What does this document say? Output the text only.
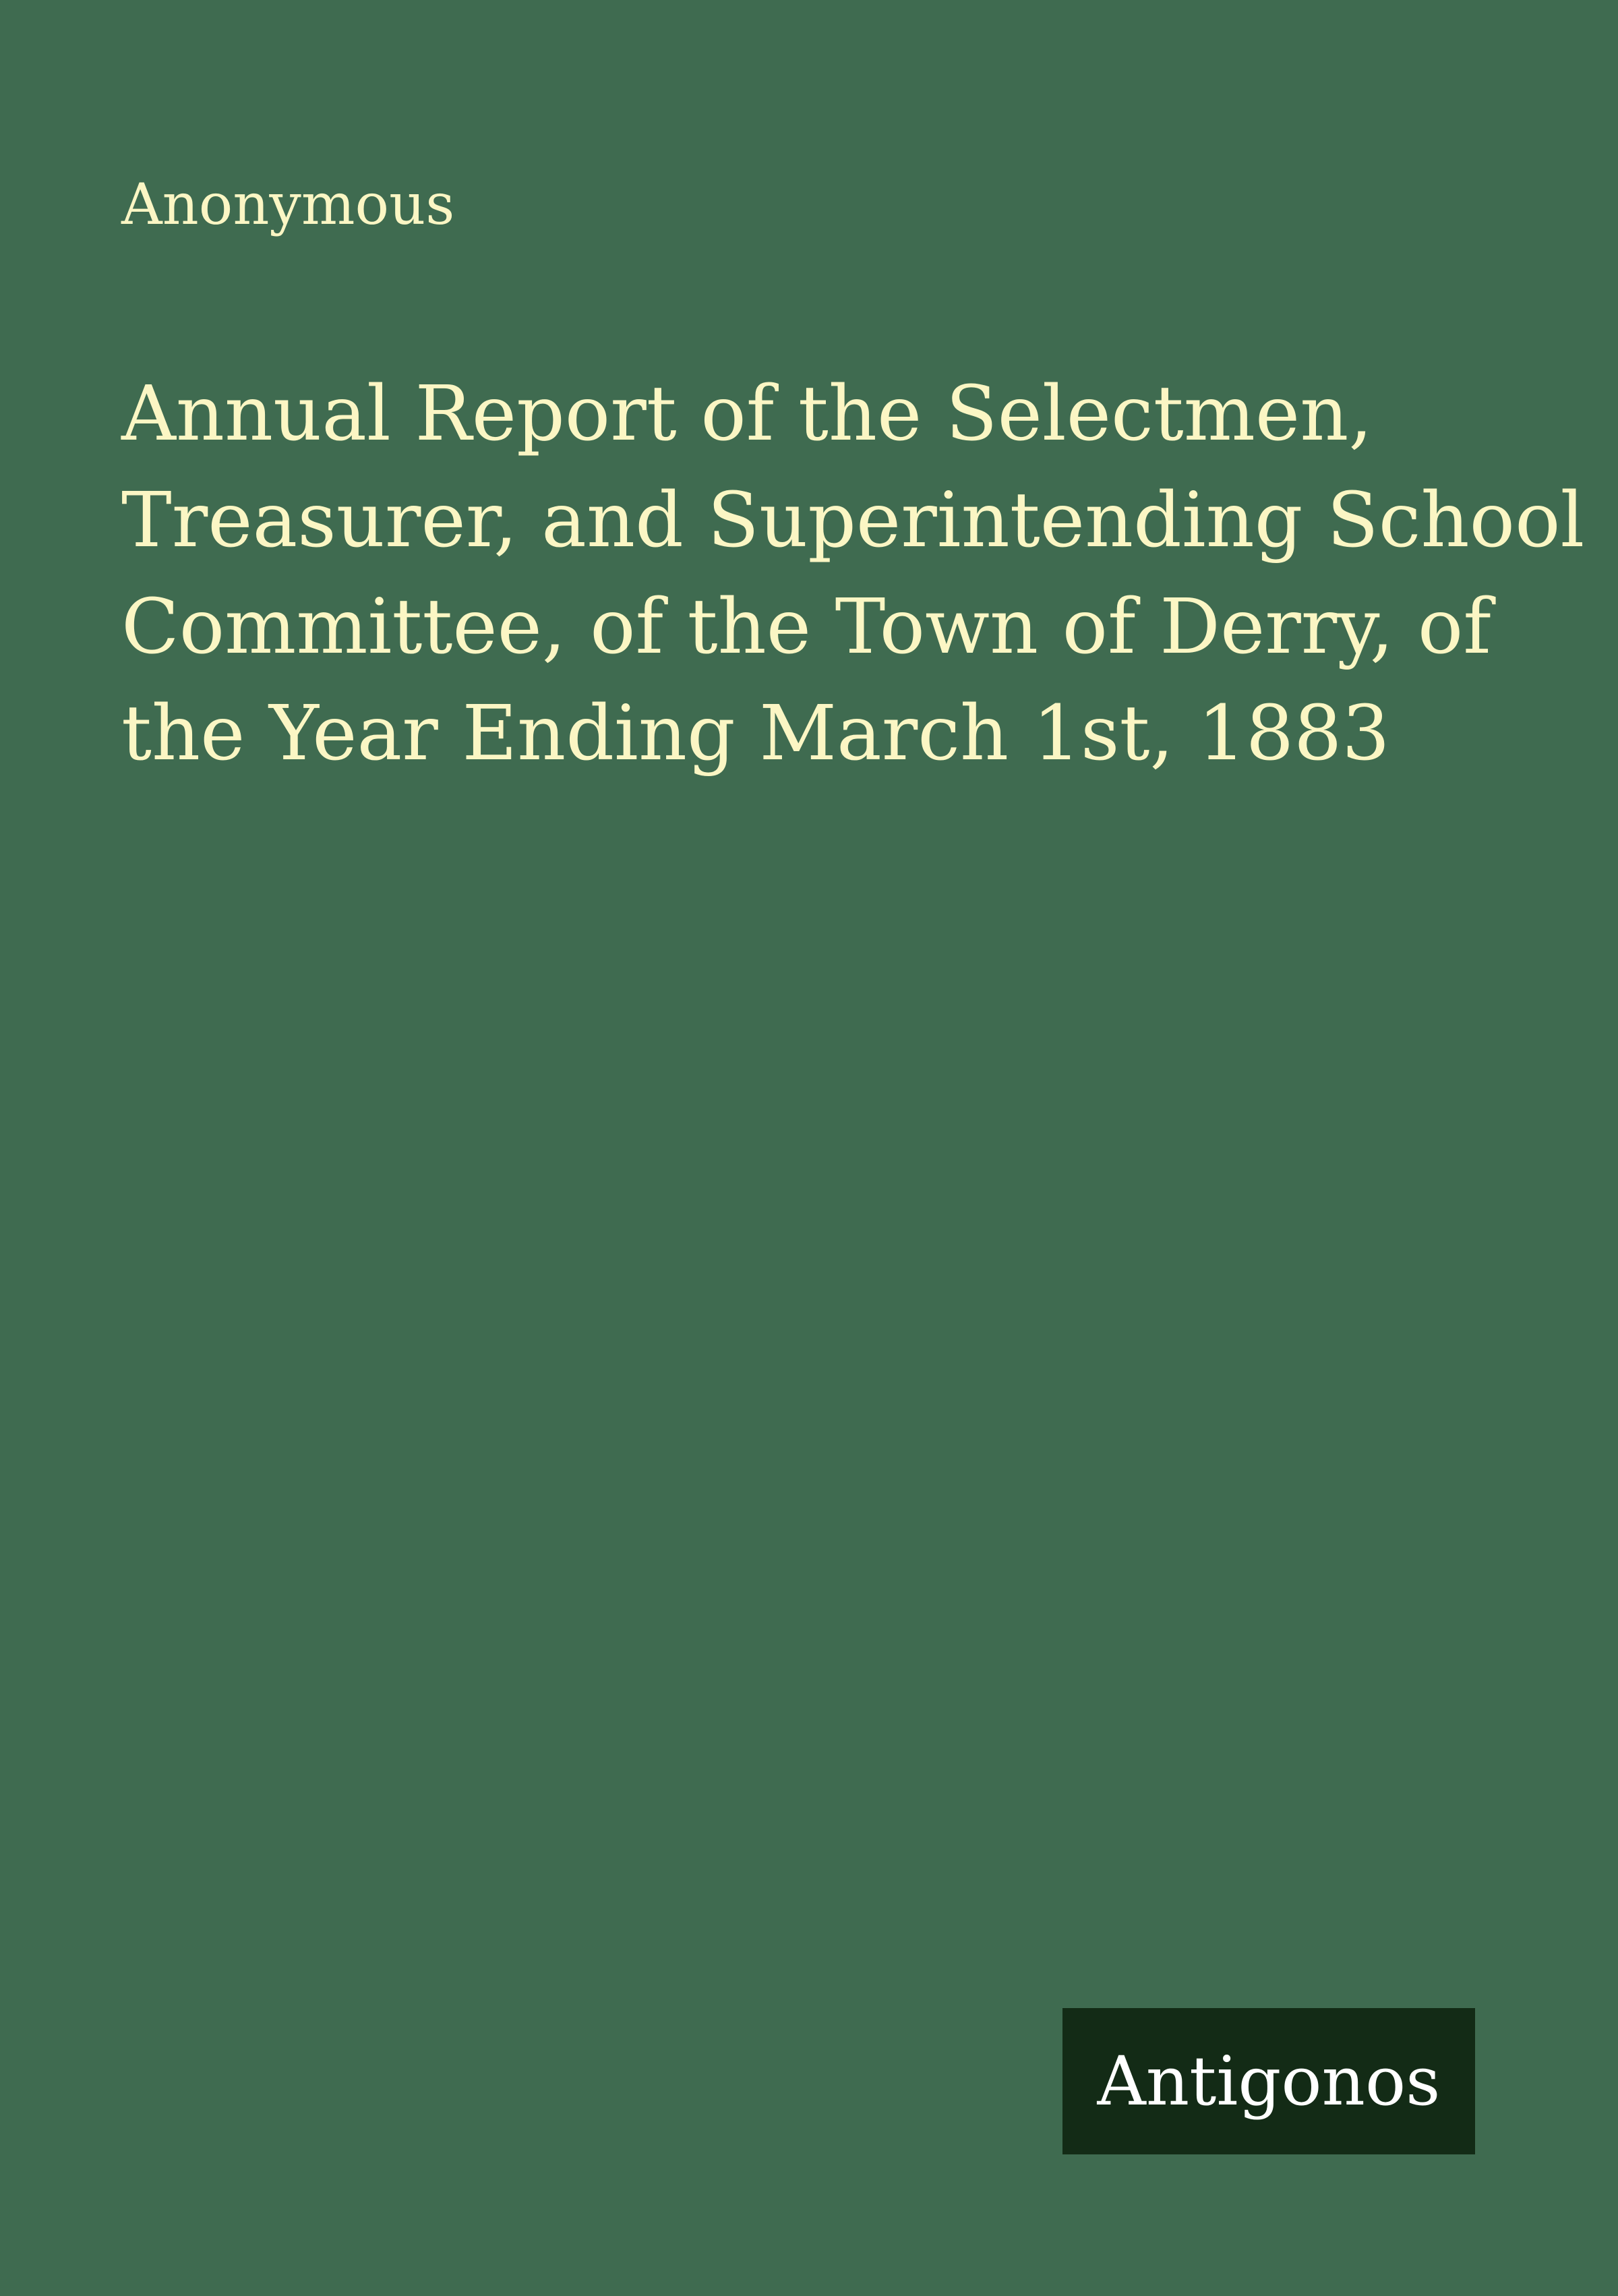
Anonymous
Annual Report of the Selectmen,
Treasurer, and Superintending School
Committee, of the Town of Derry, of
the Year Ending March 1st, 1883
Antigonos
